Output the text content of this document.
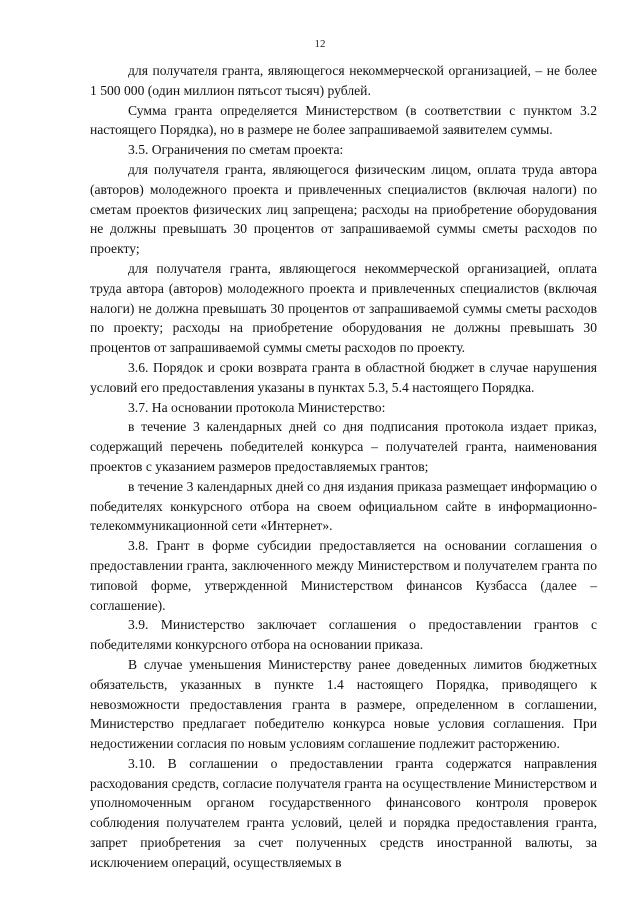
12

для получателя гранта, являющегося некоммерческой организацией, – не более 1 500 000 (один миллион пятьсот тысяч) рублей.

Сумма гранта определяется Министерством (в соответствии с пунктом 3.2 настоящего Порядка), но в размере не более запрашиваемой заявителем суммы.

3.5. Ограничения по сметам проекта:

для получателя гранта, являющегося физическим лицом, оплата труда автора (авторов) молодежного проекта и привлеченных специалистов (включая налоги) по сметам проектов физических лиц запрещена; расходы на приобретение оборудования не должны превышать 30 процентов от запрашиваемой суммы сметы расходов по проекту;

для получателя гранта, являющегося некоммерческой организацией, оплата труда автора (авторов) молодежного проекта и привлеченных специалистов (включая налоги) не должна превышать 30 процентов от запрашиваемой суммы сметы расходов по проекту; расходы на приобретение оборудования не должны превышать 30 процентов от запрашиваемой суммы сметы расходов по проекту.

3.6. Порядок и сроки возврата гранта в областной бюджет в случае нарушения условий его предоставления указаны в пунктах 5.3, 5.4 настоящего Порядка.

3.7. На основании протокола Министерство:

в течение 3 календарных дней со дня подписания протокола издает приказ, содержащий перечень победителей конкурса – получателей гранта, наименования проектов с указанием размеров предоставляемых грантов;

в течение 3 календарных дней со дня издания приказа размещает информацию о победителях конкурсного отбора на своем официальном сайте в информационно-телекоммуникационной сети «Интернет».

3.8. Грант в форме субсидии предоставляется на основании соглашения о предоставлении гранта, заключенного между Министерством и получателем гранта по типовой форме, утвержденной Министерством финансов Кузбасса (далее – соглашение).

3.9. Министерство заключает соглашения о предоставлении грантов с победителями конкурсного отбора на основании приказа.

В случае уменьшения Министерству ранее доведенных лимитов бюджетных обязательств, указанных в пункте 1.4 настоящего Порядка, приводящего к невозможности предоставления гранта в размере, определенном в соглашении, Министерство предлагает победителю конкурса новые условия соглашения. При недостижении согласия по новым условиям соглашение подлежит расторжению.

3.10. В соглашении о предоставлении гранта содержатся направления расходования средств, согласие получателя гранта на осуществление Министерством и уполномоченным органом государственного финансового контроля проверок соблюдения получателем гранта условий, целей и порядка предоставления гранта, запрет приобретения за счет полученных средств иностранной валюты, за исключением операций, осуществляемых в
